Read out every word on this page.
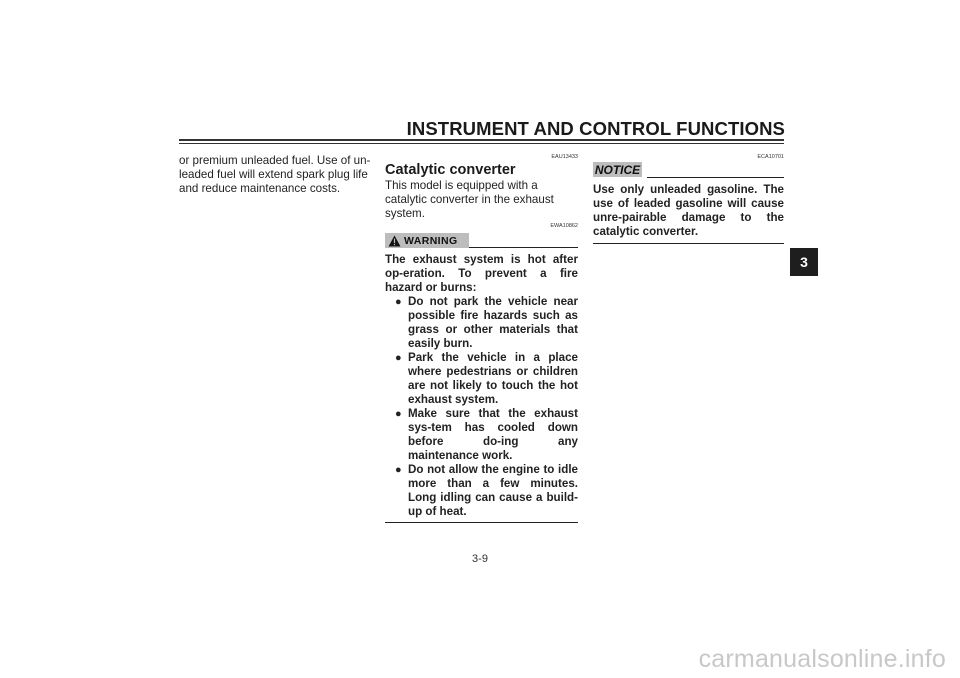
INSTRUMENT AND CONTROL FUNCTIONS
3
or premium unleaded fuel. Use of un-
leaded fuel will extend spark plug life
and reduce maintenance costs.
EAU13433
Catalytic converter
This model is equipped with a catalytic converter in the exhaust system.
EWA10862
WARNING
The exhaust system is hot after op-eration. To prevent a fire hazard or burns:
● Do not park the vehicle near possible fire hazards such as grass or other materials that easily burn.
● Park the vehicle in a place where pedestrians or children are not likely to touch the hot exhaust system.
● Make sure that the exhaust sys-tem has cooled down before do-ing any maintenance work.
● Do not allow the engine to idle more than a few minutes. Long idling can cause a build-up of heat.
ECA10701
NOTICE
Use only unleaded gasoline. The use of leaded gasoline will cause unre-pairable damage to the catalytic converter.
3-9
carmanualsonline.info
